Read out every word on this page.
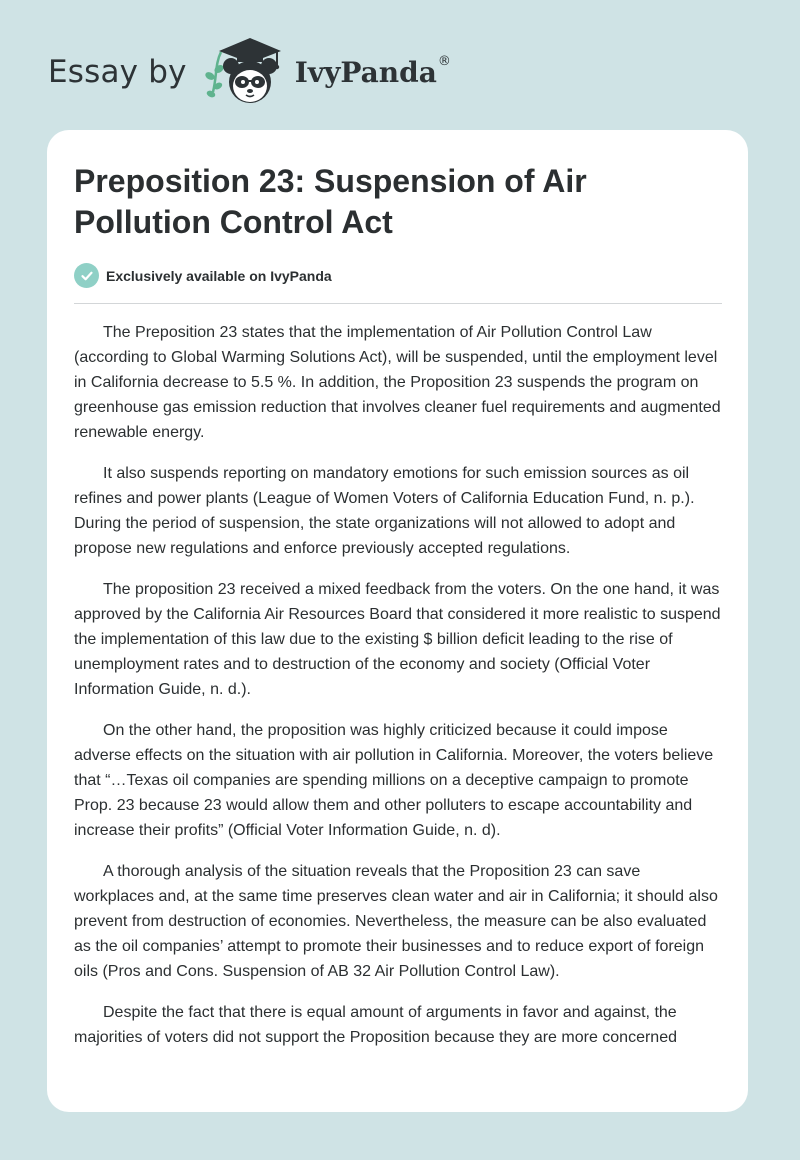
Essay by	IvyPanda ®
Preposition 23: Suspension of Air Pollution Control Act
Exclusively available on IvyPanda

The Preposition 23 states that the implementation of Air Pollution Control Law (according to Global Warming Solutions Act), will be suspended, until the employment level in California decrease to 5.5 %. In addition, the Proposition 23 suspends the program on greenhouse gas emission reduction that involves cleaner fuel requirements and augmented renewable energy.

It also suspends reporting on mandatory emotions for such emission sources as oil refines and power plants (League of Women Voters of California Education Fund, n. p.). During the period of suspension, the state organizations will not allowed to adopt and propose new regulations and enforce previously accepted regulations.

The proposition 23 received a mixed feedback from the voters. On the one hand, it was approved by the California Air Resources Board that considered it more realistic to suspend the implementation of this law due to the existing $ billion deficit leading to the rise of unemployment rates and to destruction of the economy and society (Official Voter Information Guide, n. d.).

On the other hand, the proposition was highly criticized because it could impose adverse effects on the situation with air pollution in California. Moreover, the voters believe that “…Texas oil companies are spending millions on a deceptive campaign to promote Prop. 23 because 23 would allow them and other polluters to escape accountability and increase their profits” (Official Voter Information Guide, n. d).

A thorough analysis of the situation reveals that the Proposition 23 can save workplaces and, at the same time preserves clean water and air in California; it should also prevent from destruction of economies. Nevertheless, the measure can be also evaluated as the oil companies’ attempt to promote their businesses and to reduce export of foreign oils (Pros and Cons. Suspension of AB 32 Air Pollution Control Law).

Despite the fact that there is equal amount of arguments in favor and against, the majorities of voters did not support the Proposition because they are more concerned
